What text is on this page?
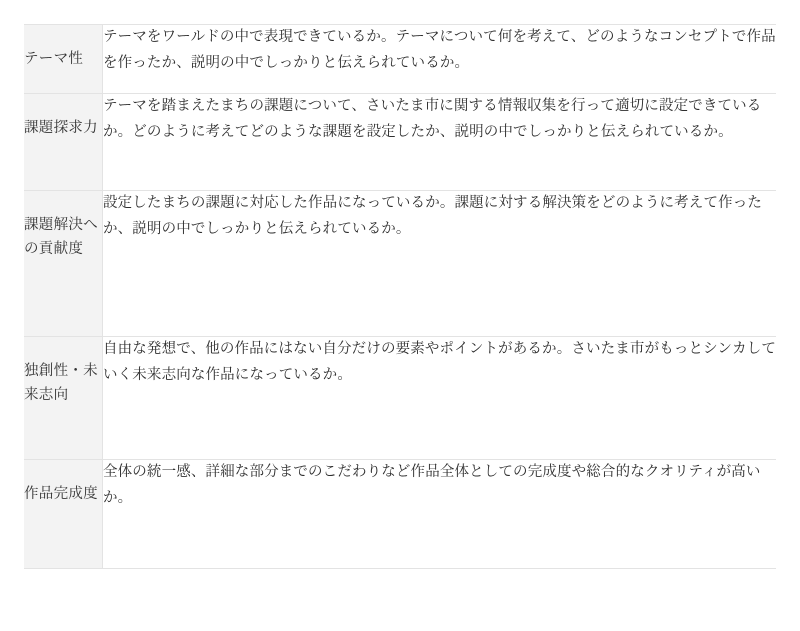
テーマ性	テーマをワールドの中で表現できているか。テーマについて何を考えて、どのようなコンセプトで作品を作ったか、説明の中でしっかりと伝えられているか。

課題探求力	テーマを踏まえたまちの課題について、さいたま市に関する情報収集を行って適切に設定できているか。どのように考えてどのような課題を設定したか、説明の中でしっかりと伝えられているか。

課題解決への貢献度	設定したまちの課題に対応した作品になっているか。課題に対する解決策をどのように考えて作ったか、説明の中でしっかりと伝えられているか。

独創性・未来志向	自由な発想で、他の作品にはない自分だけの要素やポイントがあるか。さいたま市がもっとシンカしていく未来志向な作品になっているか。

作品完成度	全体の統一感、詳細な部分までのこだわりなど作品全体としての完成度や総合的なクオリティが高いか。
